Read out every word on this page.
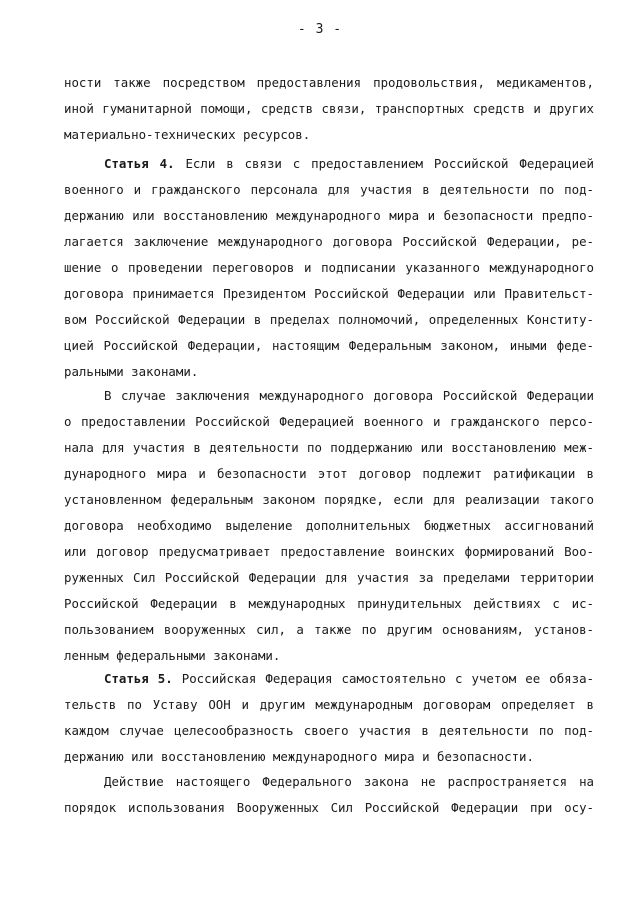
- 3 -
ности также посредством предоставления продовольствия, медикаментов,
иной гуманитарной помощи, средств связи, транспортных средств и других
материально-технических ресурсов.
Статья 4. Если в связи с предоставлением Российской Федерацией
военного и гражданского персонала для участия в деятельности по под-
держанию или восстановлению международного мира и безопасности предпо-
лагается заключение международного договора Российской Федерации, ре-
шение о проведении переговоров и подписании указанного международного
договора принимается Президентом Российской Федерации или Правительст-
вом Российской Федерации в пределах полномочий, определенных Конститу-
цией Российской Федерации, настоящим Федеральным законом, иными феде-
ральными законами.
В случае заключения международного договора Российской Федерации
о предоставлении Российской Федерацией военного и гражданского персо-
нала для участия в деятельности по поддержанию или восстановлению меж-
дународного мира и безопасности этот договор подлежит ратификации в
установленном федеральным законом порядке, если для реализации такого
договора необходимо выделение дополнительных бюджетных ассигнований
или договор предусматривает предоставление воинских формирований Воо-
руженных Сил Российской Федерации для участия за пределами территории
Российской Федерации в международных принудительных действиях с ис-
пользованием вооруженных сил, а также по другим основаниям, установ-
ленным федеральными законами.
Статья 5. Российская Федерация самостоятельно с учетом ее обяза-
тельств по Уставу ООН и другим международным договорам определяет в
каждом случае целесообразность своего участия в деятельности по под-
держанию или восстановлению международного мира и безопасности.
Действие настоящего Федерального закона не распространяется на
порядок использования Вооруженных Сил Российской Федерации при осу-
